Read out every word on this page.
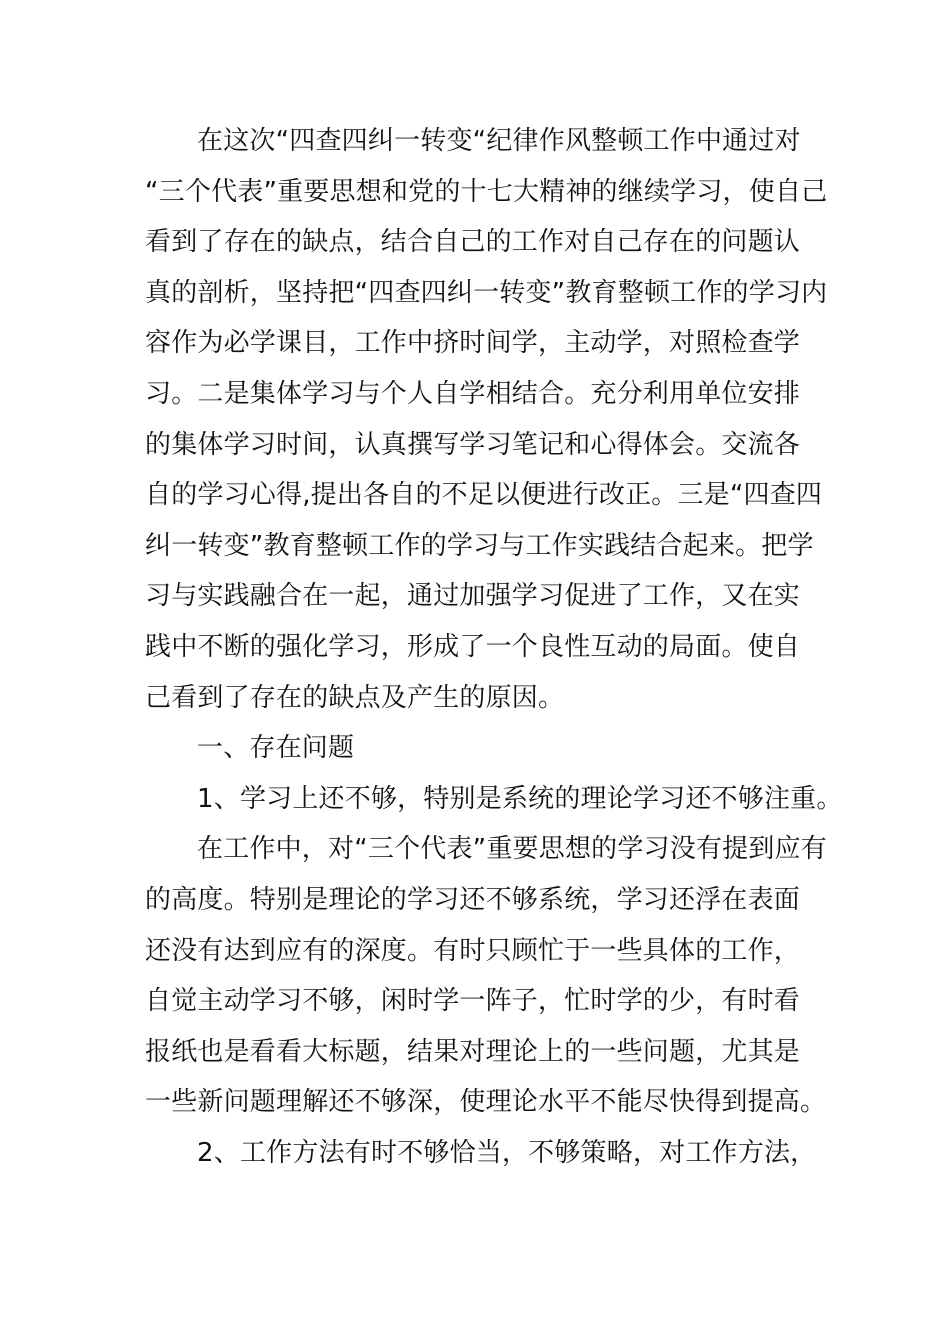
在这次“四查四纠一转变“纪律作风整顿工作中通过对
“三个代表”重要思想和党的十七大精神的继续学习，使自己
看到了存在的缺点，结合自己的工作对自己存在的问题认
真的剖析，坚持把“四查四纠一转变”教育整顿工作的学习内
容作为必学课目，工作中挤时间学，主动学，对照检查学
习。二是集体学习与个人自学相结合。充分利用单位安排
的集体学习时间，认真撰写学习笔记和心得体会。交流各
自的学习心得,提出各自的不足以便进行改正。三是“四查四
纠一转变”教育整顿工作的学习与工作实践结合起来。把学
习与实践融合在一起，通过加强学习促进了工作，又在实
践中不断的强化学习，形成了一个良性互动的局面。使自
己看到了存在的缺点及产生的原因。
一、存在问题
1、学习上还不够，特别是系统的理论学习还不够注重。
在工作中，对“三个代表”重要思想的学习没有提到应有
的高度。特别是理论的学习还不够系统，学习还浮在表面
还没有达到应有的深度。有时只顾忙于一些具体的工作，
自觉主动学习不够，闲时学一阵子，忙时学的少，有时看
报纸也是看看大标题，结果对理论上的一些问题，尤其是
一些新问题理解还不够深，使理论水平不能尽快得到提高。
2、工作方法有时不够恰当，不够策略，对工作方法，
